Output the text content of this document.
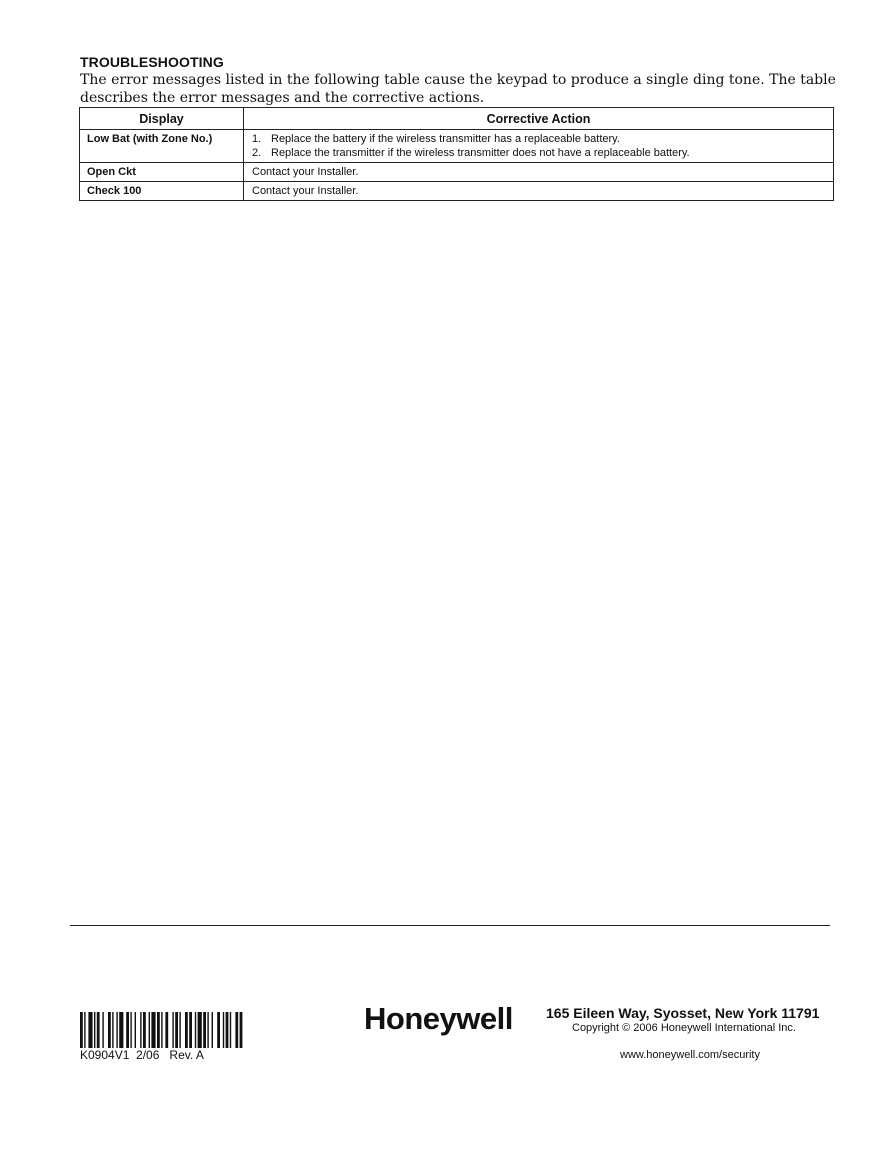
TROUBLESHOOTING
The error messages listed in the following table cause the keypad to produce a single ding tone. The table describes the error messages and the corrective actions.
Display	Corrective Action
Low Bat (with Zone No.)	1. Replace the battery if the wireless transmitter has a replaceable battery.
2. Replace the transmitter if the wireless transmitter does not have a replaceable battery.

Open Ckt	Contact your Installer.
Check 100	Contact your Installer.
K0904V1  2/06   Rev. A
Honeywell 165 Eileen Way, Syosset, New York 11791
Copyright © 2006 Honeywell International Inc.
www.honeywell.com/security
